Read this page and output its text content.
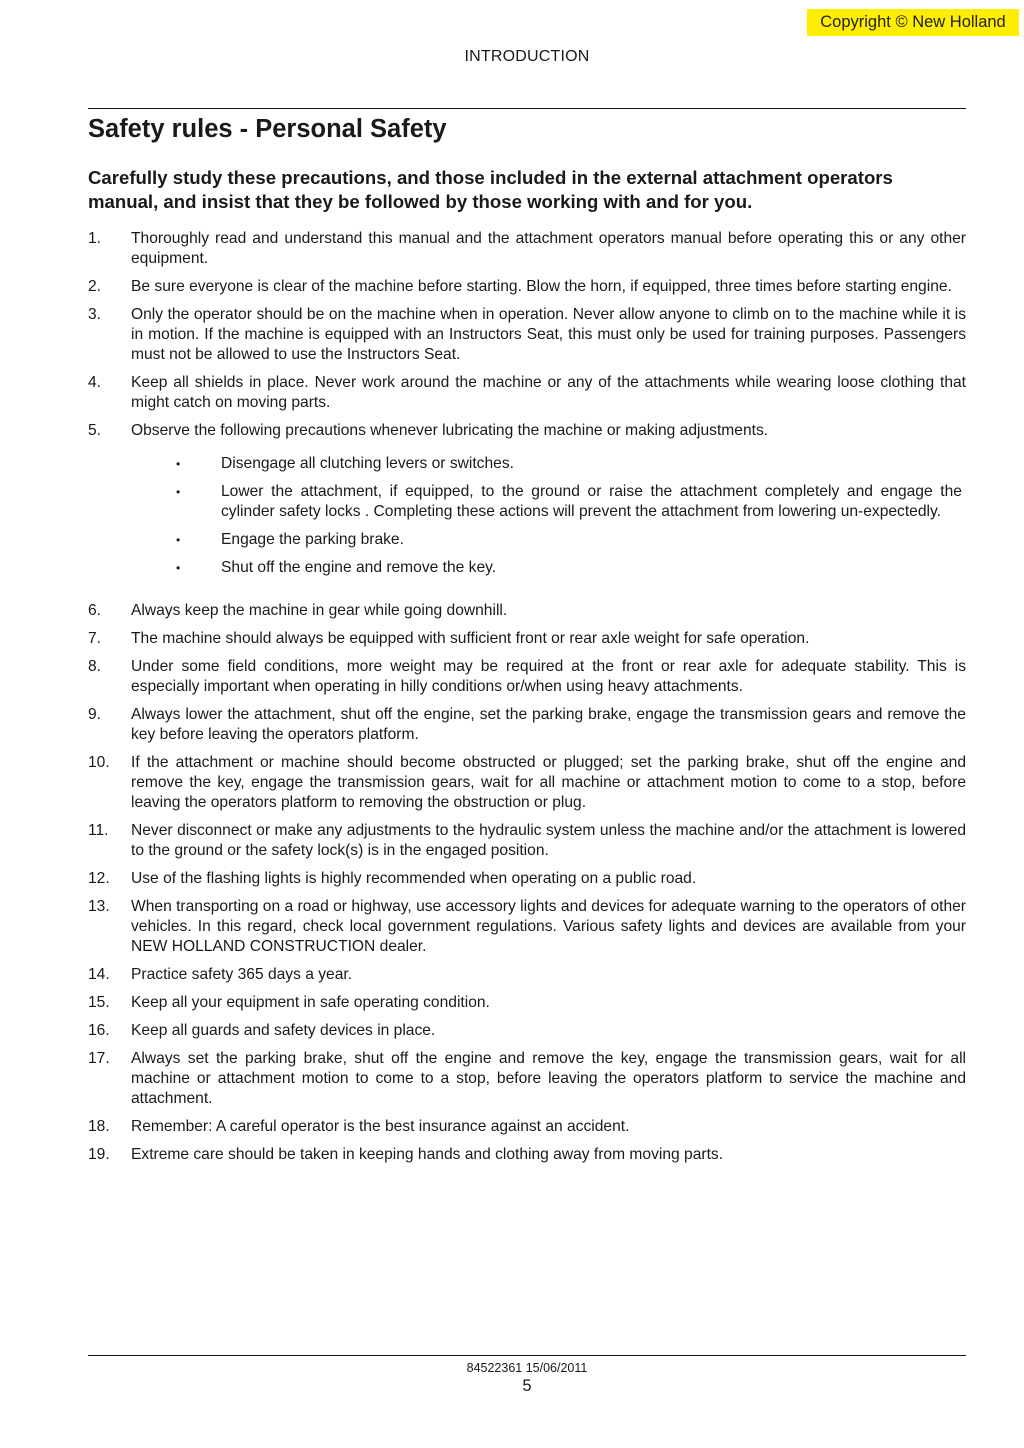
Copyright © New Holland
INTRODUCTION
Safety rules - Personal Safety

Carefully study these precautions, and those included in the external attachment operators manual, and insist that they be followed by those working with and for you.

1. Thoroughly read and understand this manual and the attachment operators manual before operating this or any other equipment.
2. Be sure everyone is clear of the machine before starting. Blow the horn, if equipped, three times before starting engine.
3. Only the operator should be on the machine when in operation. Never allow anyone to climb on to the machine while it is in motion. If the machine is equipped with an Instructors Seat, this must only be used for training purposes. Passengers must not be allowed to use the Instructors Seat.
4. Keep all shields in place. Never work around the machine or any of the attachments while wearing loose clothing that might catch on moving parts.
5. Observe the following precautions whenever lubricating the machine or making adjustments.
•	Disengage all clutching levers or switches.
•	Lower the attachment, if equipped, to the ground or raise the attachment completely and engage the cylinder safety locks . Completing these actions will prevent the attachment from lowering un-expectedly.
•	Engage the parking brake.
•	Shut off the engine and remove the key.
6. Always keep the machine in gear while going downhill.
7. The machine should always be equipped with sufficient front or rear axle weight for safe operation.
8. Under some field conditions, more weight may be required at the front or rear axle for adequate stability. This is especially important when operating in hilly conditions or/when using heavy attachments.
9. Always lower the attachment, shut off the engine, set the parking brake, engage the transmission gears and remove the key before leaving the operators platform.
10. If the attachment or machine should become obstructed or plugged; set the parking brake, shut off the engine and remove the key, engage the transmission gears, wait for all machine or attachment motion to come to a stop, before leaving the operators platform to removing the obstruction or plug.
11. Never disconnect or make any adjustments to the hydraulic system unless the machine and/or the attachment is lowered to the ground or the safety lock(s) is in the engaged position.
12. Use of the flashing lights is highly recommended when operating on a public road.
13. When transporting on a road or highway, use accessory lights and devices for adequate warning to the operators of other vehicles. In this regard, check local government regulations. Various safety lights and devices are available from your NEW HOLLAND CONSTRUCTION dealer.
14. Practice safety 365 days a year.
15. Keep all your equipment in safe operating condition.
16. Keep all guards and safety devices in place.
17. Always set the parking brake, shut off the engine and remove the key, engage the transmission gears, wait for all machine or attachment motion to come to a stop, before leaving the operators platform to service the machine and attachment.
18. Remember: A careful operator is the best insurance against an accident.
19. Extreme care should be taken in keeping hands and clothing away from moving parts.
84522361 15/06/2011
5
